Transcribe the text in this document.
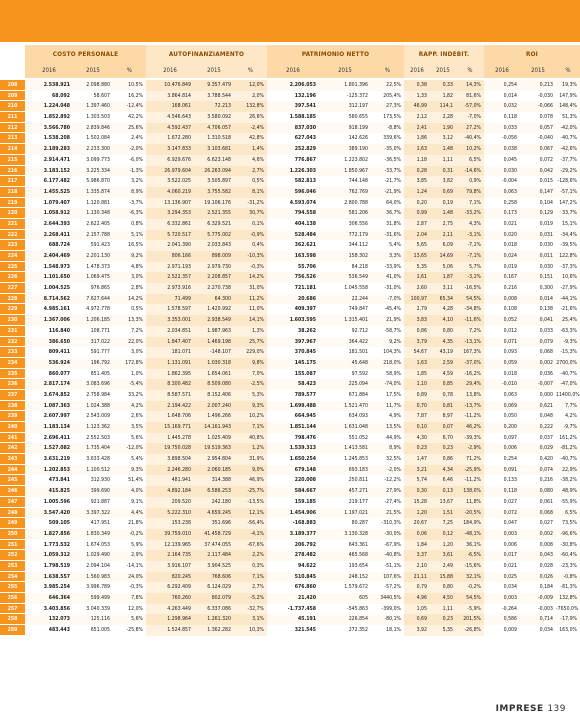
COSTO PERSONALE	AUTOFINANZIAMENTO	PATRIMONIO NETTO	RAPP. INDEBIT.	ROI
2016	2015	%	2016	2015	%	2016	2015	%	2016	2015	%	2016	2015	%
208	2.538.921	2.098.880	10,5%	10.476.849	9.357.479	12,0%	2.206.053	1.801.396	22,5%	0,38	0,33	14,3%	0,254	0,213	19,3%
209	68.092	58.607	16,2%	3.864.814	3.788.544	2,0%	132.196	-125.372	205,4%	1,33	1,82	81,6%	0,014	-0,030	147,9%
210	1.224.048	1.397.460	-12,4%	168.061	72.213	132,8%	397.541	312.197	27,3%	46,99	114,1	-57,0%	0,032	-0,066	148,4%
211	1.852.892	1.303.503	42,2%	4.546.643	3.580.092	26,6%	1.588.185	580.655	173,5%	2,12	2,28	-7,0%	0,118	0,078	51,3%
212	3.566.780	2.839.846	25,6%	4.592.437	4.706.057	-2,4%	837.030	918.199	-8,8%	2,41	1,90	27,2%	0,033	0,057	-42,0%
213	1.538.208	1.502.084	2,4%	1.672.280	1.310.518	42,8%	627.043	142.626	339,6%	1,86	3,12	-40,4%	-0,056	-0,040	-40,7%
214	2.189.283	2.233.300	-2,0%	3.147.833	3.103.681	1,4%	252.829	389.190	-35,0%	1,63	1,48	10,2%	0,038	0,067	-42,6%
215	2.914.471	3.099.773	-6,0%	6.929.676	6.623.148	4,6%	776.867	1.223.802	-36,5%	1,18	1,11	6,5%	0,045	0,072	-37,7%
216	3.183.152	3.225.334	-1,3%	26.979.604	26.263.094	2,7%	1.226.303	1.850.967	-33,7%	0,28	0,31	-14,6%	0,030	0,042	-29,2%
217	6.177.482	5.986.870	3,2%	3.522.025	3.505.897	0,5%	582.813	744.148	-21,7%	3,85	3,82	0,9%	-0,004	0,015 -128,6%
218	1.455.525	1.335.874	8,9%	4.060.219	3.755.582	8,1%	596.046	762.769	-21,9%	1,24	0,69	79,8%	0,063	0,147	-57,1%
219	1.079.407	1.120.881	-3,7%	13.136.907	19.106.176	-31,2%	4.593.074	2.800.788	64,0%	0,20	0,19	7,1%	0,258	0,104	147,2%
220	1.058.912	1.130.348	-6,3%	3.294.353	2.521.355	30,7%	794.558	581.206	36,7%	0,99	1,48	-33,2%	0,173	0,129	33,7%
221	2.644.393	2.622.405	0,8%	6.332.861	6.329.521	0,1%	404.138	306.556	31,8%	2,87	2,75	4,3%	0,021	0,019	15,1%
222	2.268.411	2.157.788	5,1%	5.720.517	5.775.002	-0,9%	528.484	772.179	-31,6%	2,04	2,11	-3,1%	0,020	0,031	-34,4%
223	688.724	591.423	16,5%	2.041.390	2.033.843	0,4%	362.621	344.112	5,4%	5,65	6,09	-7,1%	0,018	0,030	-39,5%
224	2.404.469	2.201.130	9,2%	806.166	898.009	-10,3%	163.598	158.302	3,3%	13,65	14,69	-7,1%	0,024	0,011	122,8%
225	1.548.973	1.478.373	4,8%	2.971.193	2.979.730	-0,3%	55.706	84.218	-33,9%	5,35	5,06	5,7%	0,019	0,030	-37,3%
226	1.101.650	1.069.475	3,0%	2.522.357	2.208.857	14,2%	756.526	536.549	41,0%	1,61	1,87	-3,1%	0,167	0,151	10,6%
227	1.004.525	976.865	2,8%	2.973.916	2.270.738	31,0%	721.181	1.045.558	-31,0%	2,60	3,11	-16,5%	0,216	0,300	-27,9%
228	8.714.562	7.627.644	14,2%	71.499	64.300	11,2%	20.686	22.244	-7,0%	100,97	65,34	54,5%	0,008	0,014	-44,1%
229	4.985.161	4.972.778	0,5%	1.578.597	1.420.992	11,0%	409.397	749.847	-45,4%	2,79	4,28	-34,8%	0,108	0,138	-21,6%
230	1.367.006	1.206.185	13,3%	3.353.001	2.938.549	14,1%	1.603.595	1.315.401	21,9%	3,83	4,10	-11,6%	0,052	0,041	25,4%
231	116.840	108.771	7,2%	2.034.851	1.987.963	1,3%	38.262	92.712	-58,7%	0,86	0,80	7,2%	0,012	0,033	-63,3%
232	386.650	317.022	22,0%	1.847.407	1.469.198	25,7%	397.967	364.422	9,2%	3,79	4,35	-13,1%	0,071	0,079	-9,3%
233	809.411	591.777	3,0%	181.071	-148.107	229,0%	370.845	181.501	104,3%	54,67	43,19	167,3%	0,093	0,068	-15,3%
234	536.924	196.792	172,8%	1.131.091	1.030.318	9,8%	145.175	45.648	218,0%	1,63	2,59	-37,0%	0,059	0,002 2700,0%
235	860.077	851.405	1,0%	1.862.395	1.654.061	7,0%	155.087	97.592	58,9%	1,85	4,59	-16,2%	0,018	0,036	-40,7%
236	2.817.174	3.083.696	-5,4%	8.300.482	8.509.080	-2,5%	58.423	225.094	-74,0%	1,10	0,85	29,4%	-0,010	-0,007	-47,0%
237	3.674.852	2.758.984	33,2%	8.587.571	8.152.406	5,3%	789.577	671.884	17,5%	0,89	0,78	13,8%	0,063	0,000 11400,0%
238	1.087.363	1.024.388	4,2%	2.194.422	2.007.240	9,3%	1.699.488	1.521.470	11,7%	0,70	0,81	-13,7%	0,069	0,621	7,7%
239	2.607.997	2.543.009	2,6%	1.648.706	1.496.266	10,2%	664.945	634.093	4,9%	7,87	8,97	-11,2%	0,050	0,048	4,2%
240	1.183.134	1.123.362	3,5%	15.169.771	14.161.943	7,1%	1.851.144	1.631.048	13,5%	0,10	0,07	46,2%	0,200	0,222	-9,7%
241	2.696.411	2.552.503	5,6%	1.445.278	1.025.409	40,8%	798.476	551.052	44,9%	4,30	6,70	-39,3%	0,097	0,037	161,2%
242	1.527.082	1.735.404	-12,0%	19.750.028	19.519.363	1,2%	1.539.313	1.413.581	8,9%	0,23	0,23	-2,9%	0,006	0,029	-81,2%
243	3.631.219	3.633.428	5,4%	3.898.504	2.954.804	31,9%	1.650.254	1.245.853	32,5%	1,47	0,86	71,2%	0,254	0,420	-40,7%
244	1.202.853	1.100.512	9,3%	2.246.280	2.060.185	9,0%	679.148	693.183	-2,0%	3,21	4,34	-25,9%	0,091	0,074	22,9%
245	473.841	312.930	51,4%	481.941	314.388	46,9%	220.008	250.811	-12,2%	5,74	6,46	-11,2%	0,133	0,216	-38,2%
246	415.825	399.690	4,0%	4.892.184	6.586.253	-25,7%	584.667	457.271	27,9%	0,30	0,13	138,0%	0,118	0,080	48,9%
247	1.005.596	921.887	9,1%	209.520	242.180	-13,5%	159.185	219.177	-27,4%	15,28	13,67	11,8%	0,027	0,061	-55,9%
248	3.547.420	3.397.322	4,4%	5.222.310	4.659.245	12,1%	1.454.906	1.197.021	21,5%	1,20	1,51	-20,5%	0,072	0,068	6,5%
249	509.105	417.951	21,8%	153.238	351.696	-56,4%	-168.883	80.287	-310,3%	20,67	7,25	184,9%	0,047	0,027	73,5%
250	1.827.856	1.830.349	-0,2%	39.759.010	41.458.729	-4,1%	3.189.377	3.130.328	-30,0%	0,06	0,12	-48,1%	0,003	0,002	-96,6%
251	1.773.532	1.674.053	5,9%	12.139.965	37.474.055	-67,6%	206.792	643.361	-67,9%	1,84	1,20	36,1%	0,006	0,008	-30,8%
252	1.059.312	1.029.490	2,9%	2.164.735	2.117.484	2,2%	278.482	465.568	-40,8%	3,37	3,61	-6,5%	0,017	0,043	-60,4%
253	1.798.519	2.094.104	-14,1%	3.916.107	3.904.525	0,3%	94.622	193.654	-51,1%	2,10	2,49	-15,6%	0,021	0,028	-23,3%
254	1.638.557	1.560.983	24,0%	820.245	768.606	7,1%	510.845	248.152	107,6%	21,11	15,88	32,1%	0,025	0,026	-0,8%
255	3.985.254	3.996.789	-0,3%	6.292.409	6.124.029	2,7%	676.860	1.579.672	-57,2%	0,79	0,80	-0,2%	0,034	0,184	-81,3%
256	646.364	599.499	7,8%	760.260	802.079	-5,2%	21.420	605	3440,5%	4,96	4,50	54,5%	0,003	-0,009	132,8%
257	3.403.856	3.040.339	12,0%	4.263.449	6.337.086	-32,7%	-1.737.458	-545.863	-399,0%	1,05	1,11	-5,9%	-0,264	-0,003 -7650,0%
258	132.073	125.116	5,6%	1.298.964	1.261.320	3,1%	45.191	226.854	-80,1%	0,69	0,23	201,5%	0,586	0,714	-17,9%
259	483.443	651.005	-25,8%	1.524.857	1.362.282	10,3%	321.545	272.352	18,1%	3,92	5,35	-26,8%	0,009	0,034	163,0%
IMPRESE 139
